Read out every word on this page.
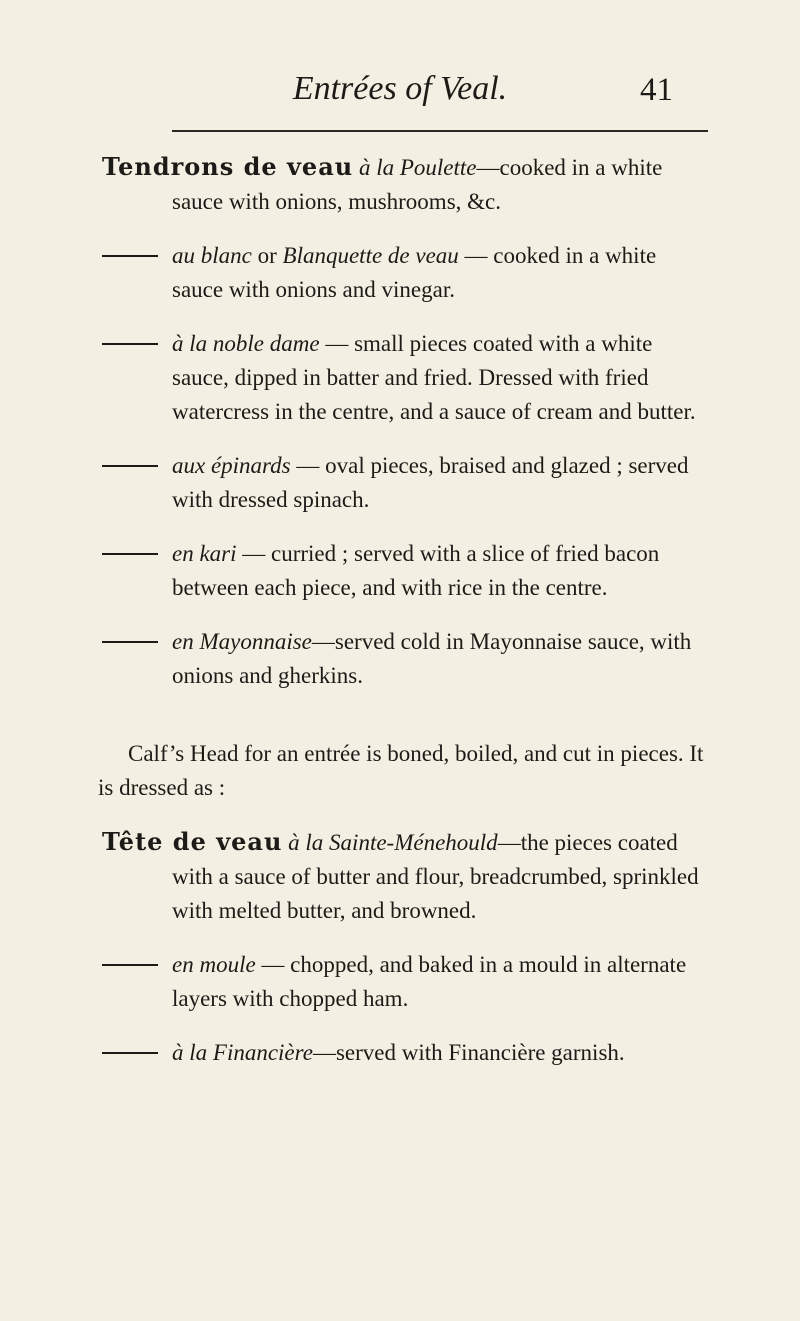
Entrées of Veal.	41

Tendrons de veau à la Poulette—cooked in a white sauce with onions, mushrooms, &c.

au blanc or Blanquette de veau — cooked in a white sauce with onions and vinegar.

à la noble dame — small pieces coated with a white sauce, dipped in batter and fried. Dressed with fried watercress in the centre, and a sauce of cream and butter.

aux épinards — oval pieces, braised and glazed ; served with dressed spinach.

en kari — curried ; served with a slice of fried bacon between each piece, and with rice in the centre.

en Mayonnaise—served cold in Mayonnaise sauce, with onions and gherkins.

Calf’s Head for an entrée is boned, boiled, and cut in pieces. It is dressed as :

Tête de veau à la Sainte-Ménehould—the pieces coated with a sauce of butter and flour, breadcrumbed, sprinkled with melted butter, and browned.

en moule — chopped, and baked in a mould in alternate layers with chopped ham.

à la Financière—served with Financière garnish.
